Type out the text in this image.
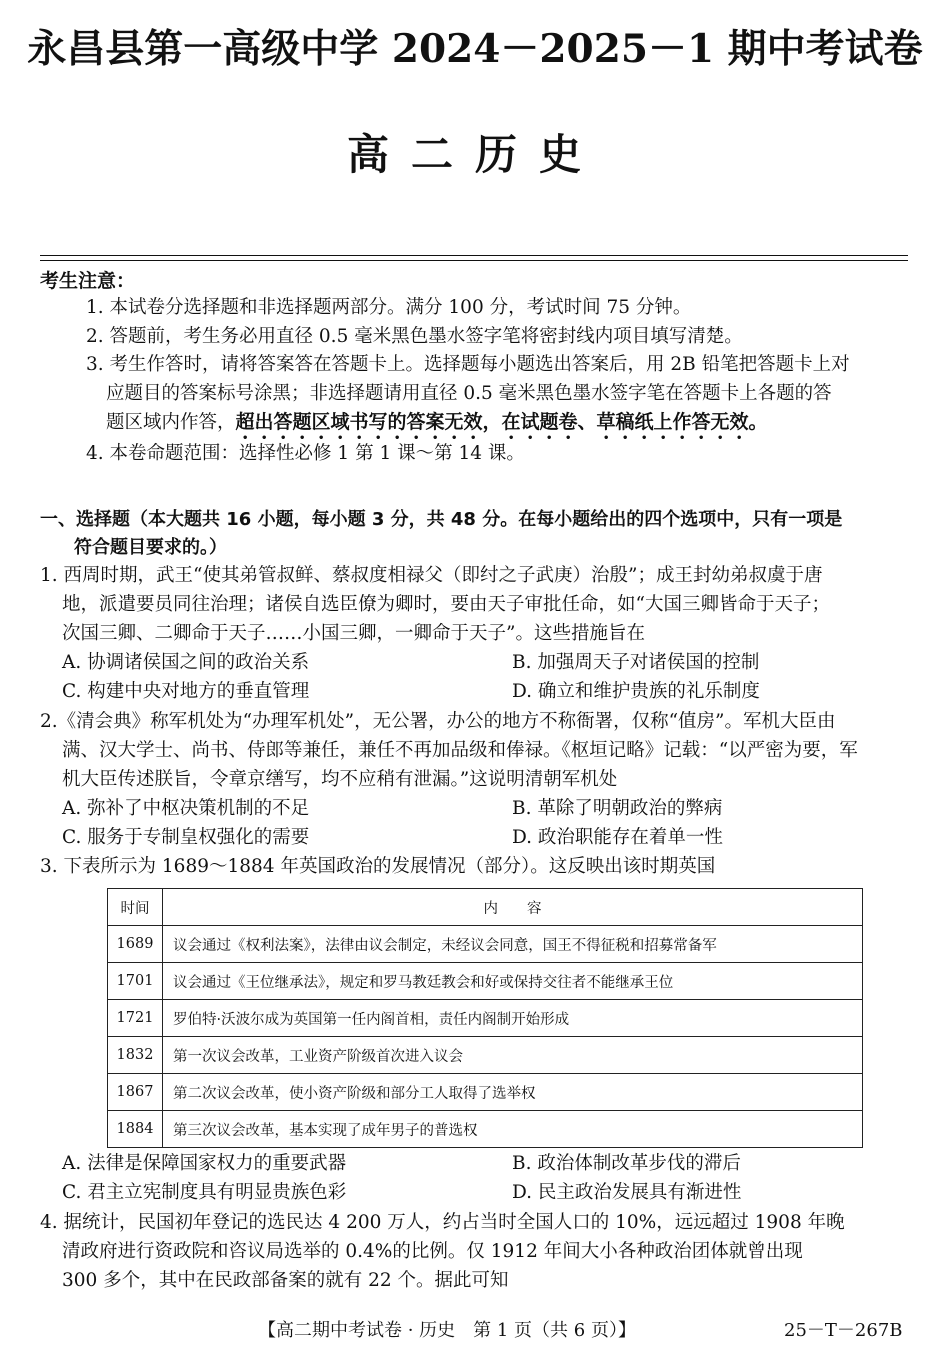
永昌县第一高级中学 2024－2025－1 期中考试卷
高二历史
考生注意：
1. 本试卷分选择题和非选择题两部分。满分 100 分，考试时间 75 分钟。
2. 答题前，考生务必用直径 0.5 毫米黑色墨水签字笔将密封线内项目填写清楚。
3. 考生作答时，请将答案答在答题卡上。选择题每小题选出答案后，用 2B 铅笔把答题卡上对
应题目的答案标号涂黑；非选择题请用直径 0.5 毫米黑色墨水签字笔在答题卡上各题的答
题区域内作答，超出答题区域书写的答案无效，在试题卷、草稿纸上作答无效。
4. 本卷命题范围：选择性必修 1 第 1 课～第 14 课。
一、选择题（本大题共 16 小题，每小题 3 分，共 48 分。在每小题给出的四个选项中，只有一项是
符合题目要求的。）
1. 西周时期，武王“使其弟管叔鲜、蔡叔度相禄父（即纣之子武庚）治殷”；成王封幼弟叔虞于唐
地，派遣要员同往治理；诸侯自选臣僚为卿时，要由天子审批任命，如“大国三卿皆命于天子；
次国三卿、二卿命于天子……小国三卿，一卿命于天子”。这些措施旨在
A. 协调诸侯国之间的政治关系	B. 加强周天子对诸侯国的控制
C. 构建中央对地方的垂直管理	D. 确立和维护贵族的礼乐制度
2.《清会典》称军机处为“办理军机处”，无公署，办公的地方不称衙署，仅称“值房”。军机大臣由
满、汉大学士、尚书、侍郎等兼任，兼任不再加品级和俸禄。《枢垣记略》记载：“以严密为要，军
机大臣传述朕旨，令章京缮写，均不应稍有泄漏。”这说明清朝军机处
A. 弥补了中枢决策机制的不足	B. 革除了明朝政治的弊病
C. 服务于专制皇权强化的需要	D. 政治职能存在着单一性
3. 下表所示为 1689～1884 年英国政治的发展情况（部分）。这反映出该时期英国
时间	内　　容
1689	议会通过《权利法案》，法律由议会制定，未经议会同意，国王不得征税和招募常备军
1701	议会通过《王位继承法》，规定和罗马教廷教会和好或保持交往者不能继承王位
1721	罗伯特·沃波尔成为英国第一任内阁首相，责任内阁制开始形成
1832	第一次议会改革，工业资产阶级首次进入议会
1867	第二次议会改革，使小资产阶级和部分工人取得了选举权
1884	第三次议会改革，基本实现了成年男子的普选权
A. 法律是保障国家权力的重要武器	B. 政治体制改革步伐的滞后
C. 君主立宪制度具有明显贵族色彩	D. 民主政治发展具有渐进性
4. 据统计，民国初年登记的选民达 4 200 万人，约占当时全国人口的 10%，远远超过 1908 年晚
清政府进行资政院和咨议局选举的 0.4%的比例。仅 1912 年间大小各种政治团体就曾出现
300 多个，其中在民政部备案的就有 22 个。据此可知
【高二期中考试卷 · 历史　第 1 页（共 6 页）】	25－T－267B
